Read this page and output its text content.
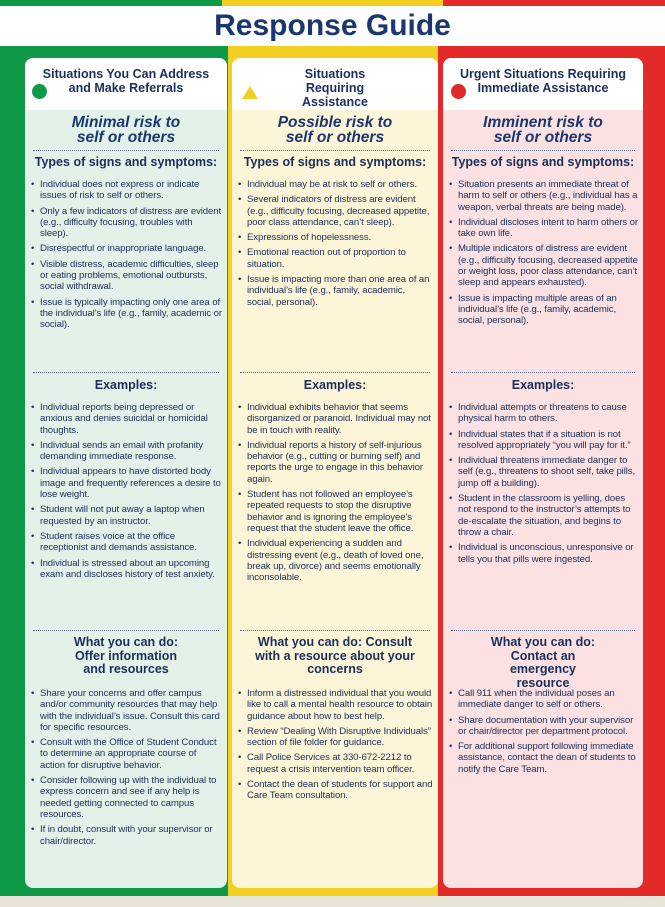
Response Guide
Situations You Can Address and Make Referrals
Minimal risk to self or others
Types of signs and symptoms:
• Individual does not express or indicate issues of risk to self or others.
• Only a few indicators of distress are evident (e.g., difficulty focusing, troubles with sleep).
• Disrespectful or inappropriate language.
• Visible distress, academic difficulties, sleep or eating problems, emotional outbursts, social withdrawal.
• Issue is typically impacting only one area of the individual’s life (e.g., family, academic or social).
Examples:
• Individual reports being depressed or anxious and denies suicidal or homicidal thoughts.
• Individual sends an email with profanity demanding immediate response.
• Individual appears to have distorted body image and frequently references a desire to lose weight.
• Student will not put away a laptop when requested by an instructor.
• Student raises voice at the office receptionist and demands assistance.
• Individual is stressed about an upcoming exam and discloses history of test anxiety.
What you can do: Offer information and resources
• Share your concerns and offer campus and/or community resources that may help with the individual’s issue. Consult this card for specific resources.
• Consult with the Office of Student Conduct to determine an appropriate course of action for disruptive behavior.
• Consider following up with the individual to express concern and see if any help is needed getting connected to campus resources.
• If in doubt, consult with your supervisor or chair/director.
Situations Requiring Assistance
Possible risk to self or others
Types of signs and symptoms:
• Individual may be at risk to self or others.
• Several indicators of distress are evident (e.g., difficulty focusing, decreased appetite, poor class attendance, can’t sleep).
• Expressions of hopelessness.
• Emotional reaction out of proportion to situation.
• Issue is impacting more than one area of an individual’s life (e.g., family, academic, social, personal).
Examples:
• Individual exhibits behavior that seems disorganized or paranoid. Individual may not be in touch with reality.
• Individual reports a history of self-injurious behavior (e.g., cutting or burning self) and reports the urge to engage in this behavior again.
• Student has not followed an employee’s repeated requests to stop the disruptive behavior and is ignoring the employee’s request that the student leave the office.
• Individual experiencing a sudden and distressing event (e.g., death of loved one, break up, divorce) and seems emotionally inconsolable.
What you can do: Consult with a resource about your concerns
• Inform a distressed individual that you would like to call a mental health resource to obtain guidance about how to best help.
• Review “Dealing With Disruptive Individuals” section of file folder for guidance.
• Call Police Services at 330-672-2212 to request a crisis intervention team officer.
• Contact the dean of students for support and Care Team consultation.
Urgent Situations Requiring Immediate Assistance
Imminent risk to self or others
Types of signs and symptoms:
• Situation presents an immediate threat of harm to self or others (e.g., individual has a weapon, verbal threats are being made).
• Individual discloses intent to harm others or take own life.
• Multiple indicators of distress are evident (e.g., difficulty focusing, decreased appetite or weight loss, poor class attendance, can’t sleep and appears exhausted).
• Issue is impacting multiple areas of an individual’s life (e.g., family, academic, social, personal).
Examples:
• Individual attempts or threatens to cause physical harm to others.
• Individual states that if a situation is not resolved appropriately “you will pay for it.”
• Individual threatens immediate danger to self (e.g., threatens to shoot self, take pills, jump off a building).
• Student in the classroom is yelling, does not respond to the instructor’s attempts to de-escalate the situation, and begins to throw a chair.
• Individual is unconscious, unresponsive or tells you that pills were ingested.
What you can do: Contact an emergency resource
• Call 911 when the individual poses an immediate danger to self or others.
• Share documentation with your supervisor or chair/director per department protocol.
• For additional support following immediate assistance, contact the dean of students to notify the Care Team.
